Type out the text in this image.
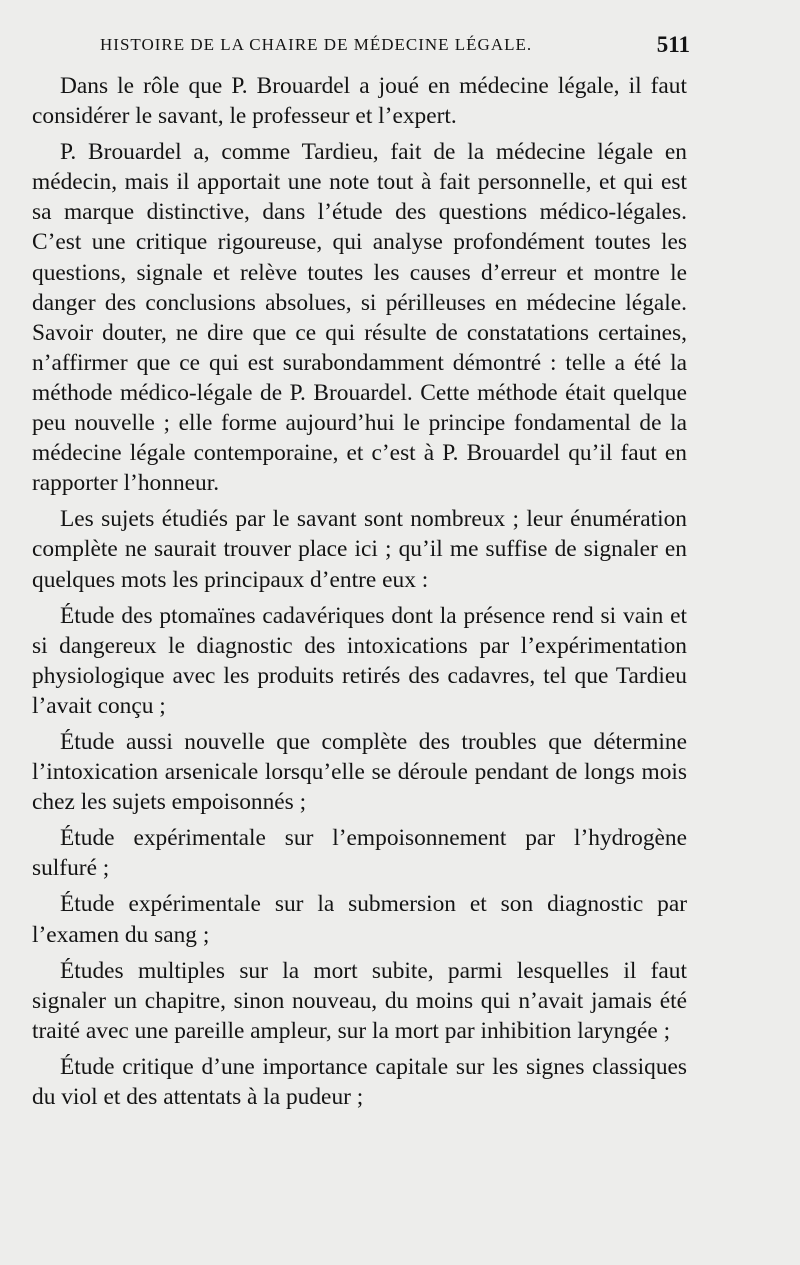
HISTOIRE DE LA CHAIRE DE MÉDECINE LÉGALE.	511

Dans le rôle que P. Brouardel a joué en médecine légale, il faut considérer le savant, le professeur et l’expert.

P. Brouardel a, comme Tardieu, fait de la médecine légale en médecin, mais il apportait une note tout à fait personnelle, et qui est sa marque distinctive, dans l’étude des questions médico-légales. C’est une critique rigoureuse, qui analyse profondément toutes les questions, signale et relève toutes les causes d’erreur et montre le danger des conclusions absolues, si périlleuses en médecine légale. Savoir douter, ne dire que ce qui résulte de constatations certaines, n’affirmer que ce qui est surabondamment démontré : telle a été la méthode médico-légale de P. Brouardel. Cette méthode était quelque peu nouvelle ; elle forme aujourd’hui le principe fondamental de la médecine légale contemporaine, et c’est à P. Brouardel qu’il faut en rapporter l’honneur.

Les sujets étudiés par le savant sont nombreux ; leur énumération complète ne saurait trouver place ici ; qu’il me suffise de signaler en quelques mots les principaux d’entre eux :

Étude des ptomaïnes cadavériques dont la présence rend si vain et si dangereux le diagnostic des intoxications par l’expérimentation physiologique avec les produits retirés des cadavres, tel que Tardieu l’avait conçu ;

Étude aussi nouvelle que complète des troubles que détermine l’intoxication arsenicale lorsqu’elle se déroule pendant de longs mois chez les sujets empoisonnés ;

Étude expérimentale sur l’empoisonnement par l’hydrogène sulfuré ;

Étude expérimentale sur la submersion et son diagnostic par l’examen du sang ;

Études multiples sur la mort subite, parmi lesquelles il faut signaler un chapitre, sinon nouveau, du moins qui n’avait jamais été traité avec une pareille ampleur, sur la mort par inhibition laryngée ;

Étude critique d’une importance capitale sur les signes classiques du viol et des attentats à la pudeur ;
